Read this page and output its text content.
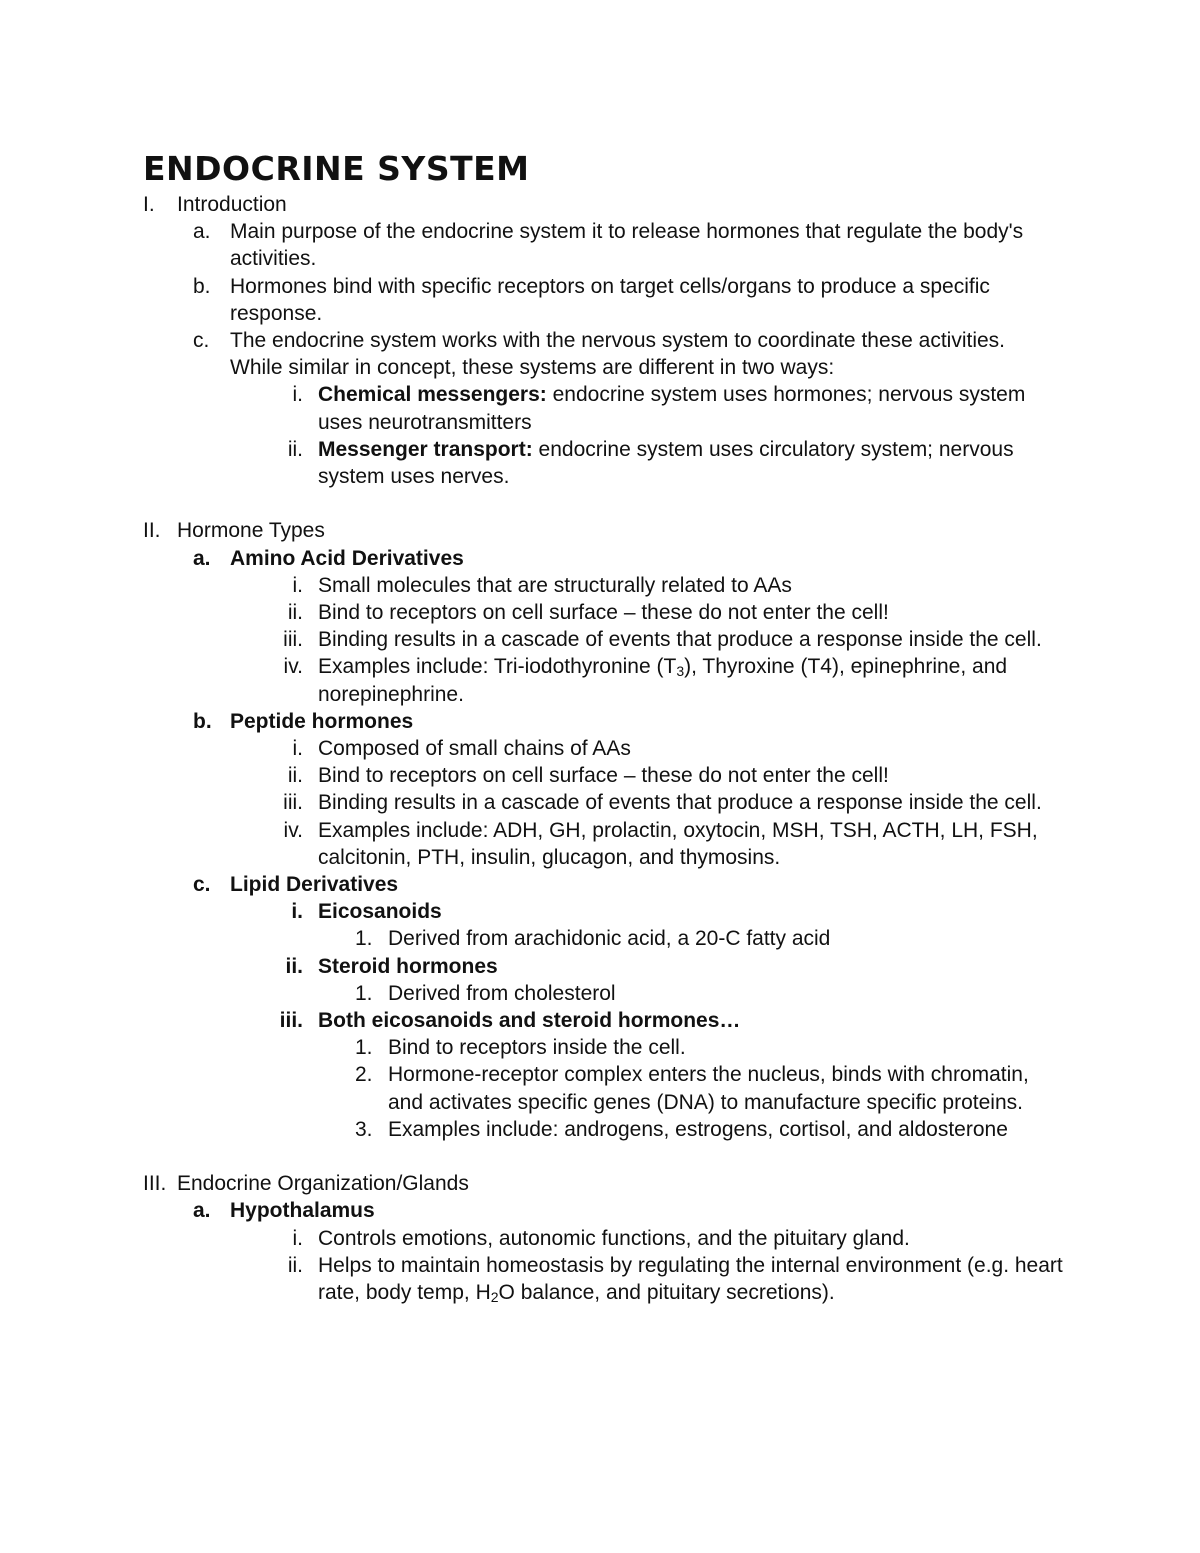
ENDOCRINE SYSTEM
I. Introduction
a. Main purpose of the endocrine system it to release hormones that regulate the body's activities.
b. Hormones bind with specific receptors on target cells/organs to produce a specific response.
c. The endocrine system works with the nervous system to coordinate these activities. While similar in concept, these systems are different in two ways:
i. Chemical messengers: endocrine system uses hormones; nervous system uses neurotransmitters
ii. Messenger transport: endocrine system uses circulatory system; nervous system uses nerves.
II. Hormone Types
a. Amino Acid Derivatives
i. Small molecules that are structurally related to AAs
ii. Bind to receptors on cell surface – these do not enter the cell!
iii. Binding results in a cascade of events that produce a response inside the cell.
iv. Examples include: Tri-iodothyronine $(T_3)$, Thyroxine (T4), epinephrine, and norepinephrine.
b. Peptide hormones
i. Composed of small chains of AAs
ii. Bind to receptors on cell surface – these do not enter the cell!
iii. Binding results in a cascade of events that produce a response inside the cell.
iv. Examples include: ADH, GH, prolactin, oxytocin, MSH, TSH, ACTH, LH, FSH, calcitonin, PTH, insulin, glucagon, and thymosins.
c. Lipid Derivatives
i. Eicosanoids
1. Derived from arachidonic acid, a 20-C fatty acid
ii. Steroid hormones
1. Derived from cholesterol
iii. Both eicosanoids and steroid hormones…
1. Bind to receptors inside the cell.
2. Hormone-receptor complex enters the nucleus, binds with chromatin, and activates specific genes (DNA) to manufacture specific proteins.
3. Examples include: androgens, estrogens, cortisol, and aldosterone
III. Endocrine Organization/Glands
a. Hypothalamus
i. Controls emotions, autonomic functions, and the pituitary gland.
ii. Helps to maintain homeostasis by regulating the internal environment (e.g. heart rate, body temp, $H_2O$ balance, and pituitary secretions).
